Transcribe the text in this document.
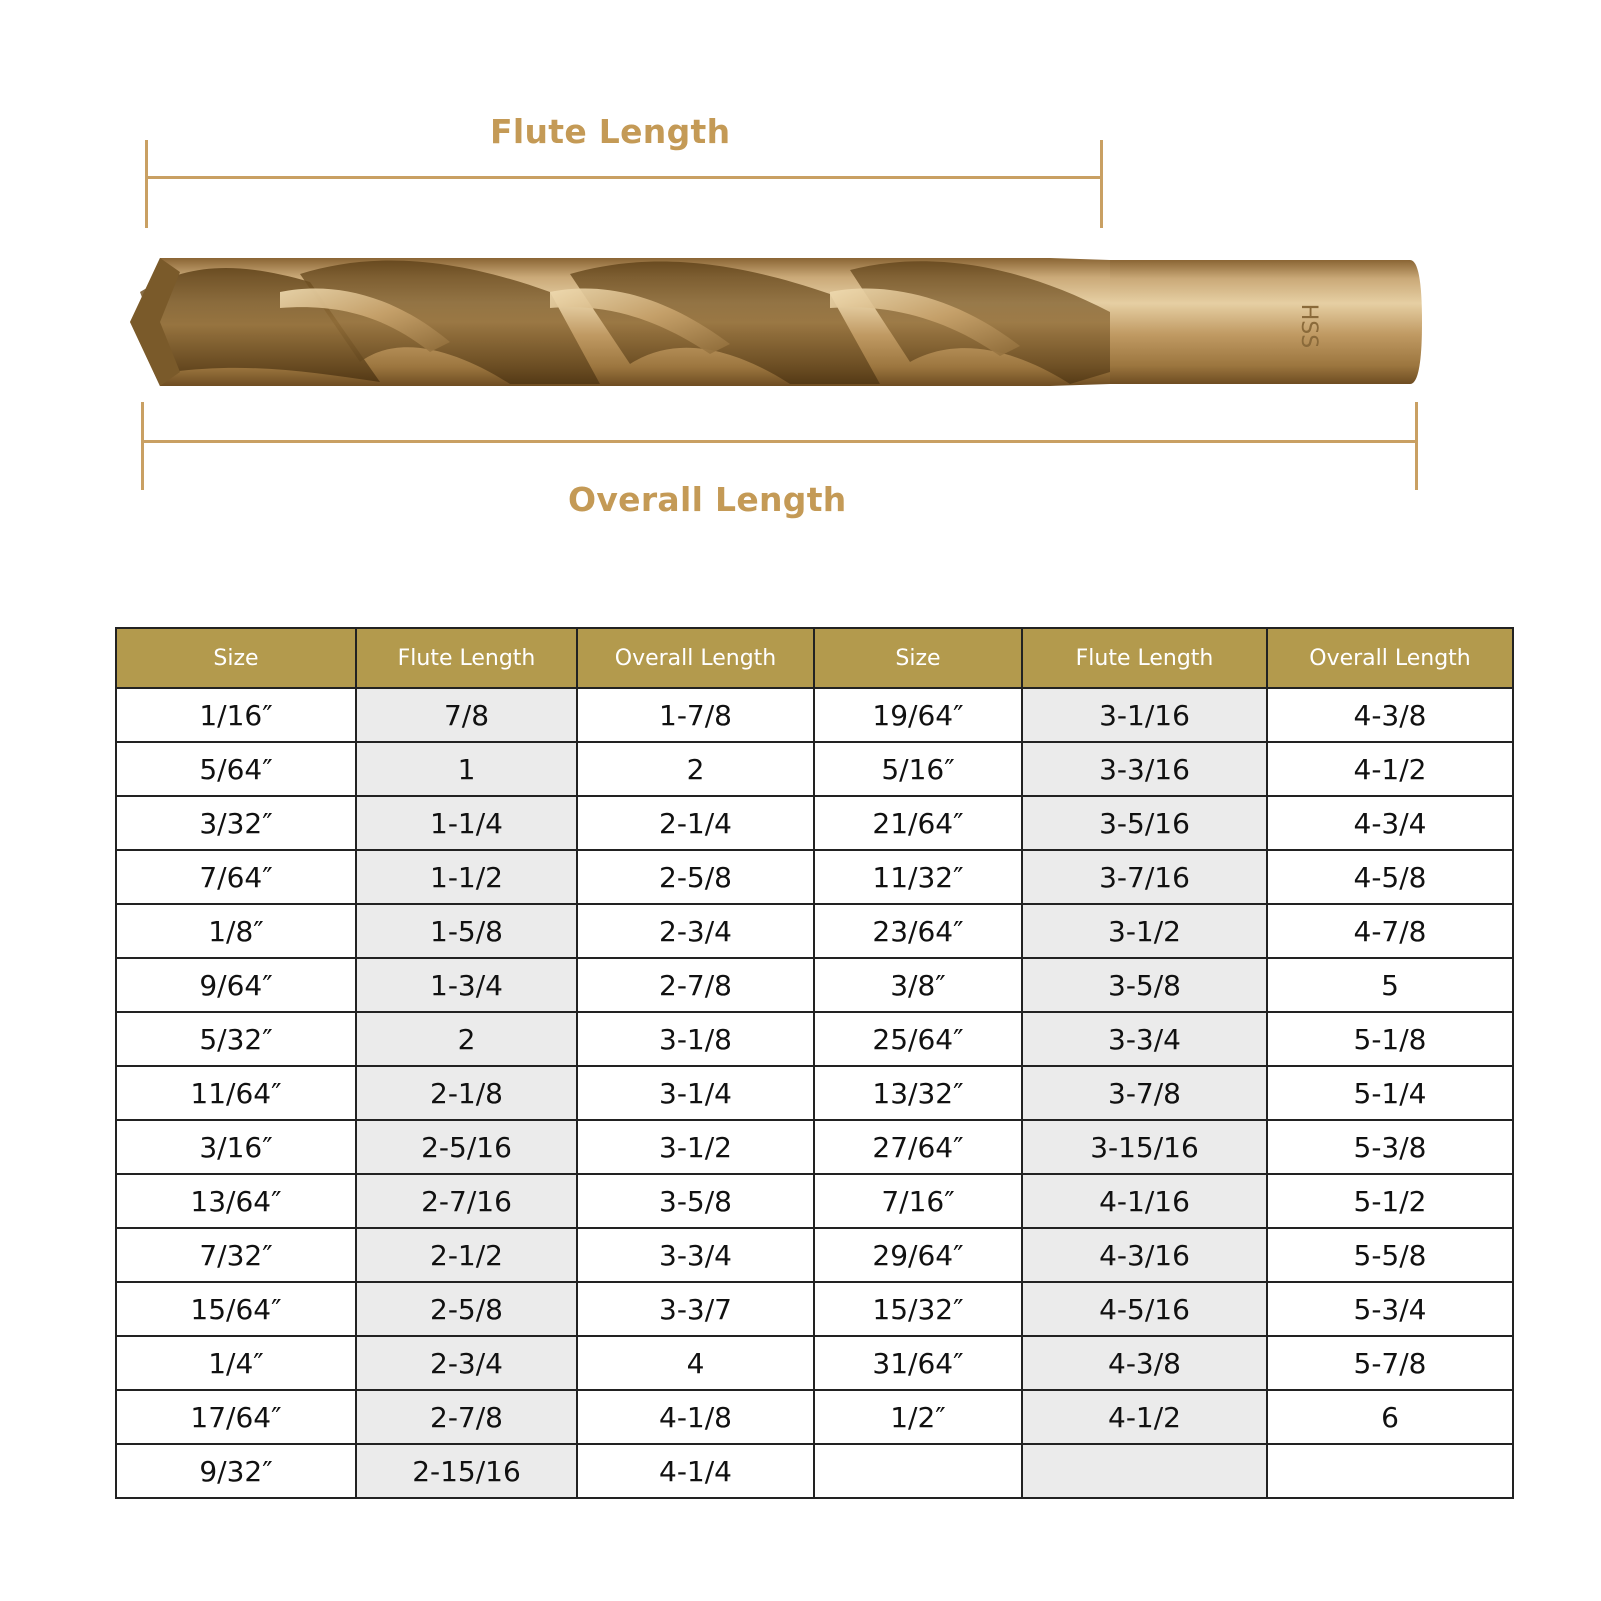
Flute Length
HSS
Overall Length
Size	Flute Length	Overall Length	Size	Flute Length	Overall Length
1/16″	7/8	1-7/8	19/64″	3-1/16	4-3/8
5/64″	1	2	5/16″	3-3/16	4-1/2
3/32″	1-1/4	2-1/4	21/64″	3-5/16	4-3/4
7/64″	1-1/2	2-5/8	11/32″	3-7/16	4-5/8
1/8″	1-5/8	2-3/4	23/64″	3-1/2	4-7/8
9/64″	1-3/4	2-7/8	3/8″	3-5/8	5
5/32″	2	3-1/8	25/64″	3-3/4	5-1/8
11/64″	2-1/8	3-1/4	13/32″	3-7/8	5-1/4
3/16″	2-5/16	3-1/2	27/64″	3-15/16	5-3/8
13/64″	2-7/16	3-5/8	7/16″	4-1/16	5-1/2
7/32″	2-1/2	3-3/4	29/64″	4-3/16	5-5/8
15/64″	2-5/8	3-3/7	15/32″	4-5/16	5-3/4
1/4″	2-3/4	4	31/64″	4-3/8	5-7/8
17/64″	2-7/8	4-1/8	1/2″	4-1/2	6
9/32″	2-15/16	4-1/4			
